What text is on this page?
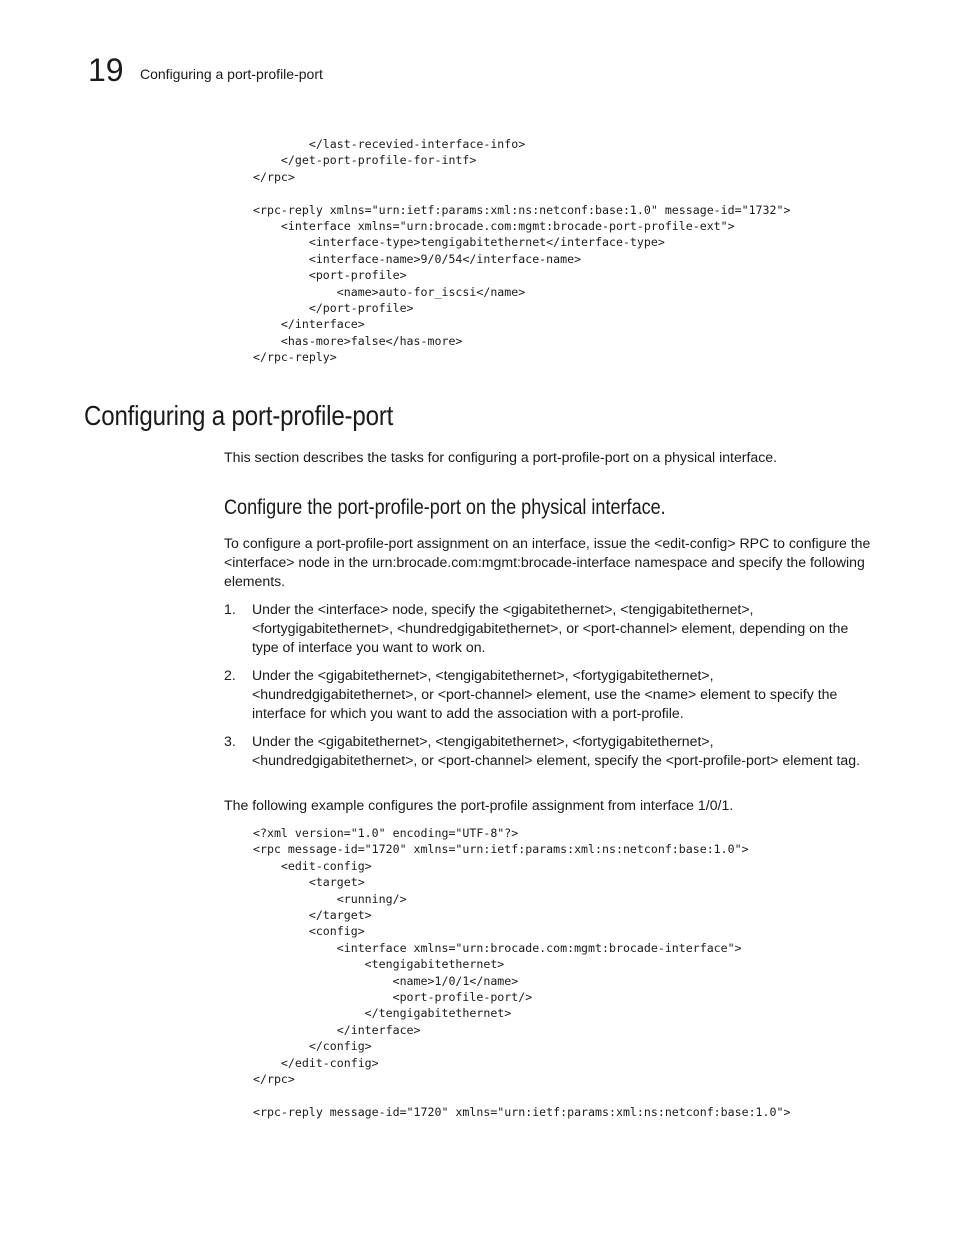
19 Configuring a port-profile-port
</last-recevied-interface-info>
</get-port-profile-for-intf>
</rpc>

<rpc-reply xmlns="urn:ietf:params:xml:ns:netconf:base:1.0" message-id="1732">
<interface xmlns="urn:brocade.com:mgmt:brocade-port-profile-ext">
<interface-type>tengigabitethernet</interface-type>
<interface-name>9/0/54</interface-name>
<port-profile>
<name>auto-for_iscsi</name>
</port-profile>
</interface>
<has-more>false</has-more>
</rpc-reply>

Configuring a port-profile-port

This section describes the tasks for configuring a port-profile-port on a physical interface.

Configure the port-profile-port on the physical interface.

To configure a port-profile-port assignment on an interface, issue the <edit-config> RPC to configure the <interface> node in the urn:brocade.com:mgmt:brocade-interface namespace and specify the following elements.

1. Under the <interface> node, specify the <gigabitethernet>, <tengigabitethernet>, <fortygigabitethernet>, <hundredgigabitethernet>, or <port-channel> element, depending on the type of interface you want to work on.
2. Under the <gigabitethernet>, <tengigabitethernet>, <fortygigabitethernet>, <hundredgigabitethernet>, or <port-channel> element, use the <name> element to specify the interface for which you want to add the association with a port-profile.
3. Under the <gigabitethernet>, <tengigabitethernet>, <fortygigabitethernet>, <hundredgigabitethernet>, or <port-channel> element, specify the <port-profile-port> element tag.

The following example configures the port-profile assignment from interface 1/0/1.

<?xml version="1.0" encoding="UTF-8"?>
<rpc message-id="1720" xmlns="urn:ietf:params:xml:ns:netconf:base:1.0">
<edit-config>
<target>
<running/>
</target>
<config>
<interface xmlns="urn:brocade.com:mgmt:brocade-interface">
<tengigabitethernet>
<name>1/0/1</name>
<port-profile-port/>
</tengigabitethernet>
</interface>
</config>
</edit-config>
</rpc>

<rpc-reply message-id="1720" xmlns="urn:ietf:params:xml:ns:netconf:base:1.0">
